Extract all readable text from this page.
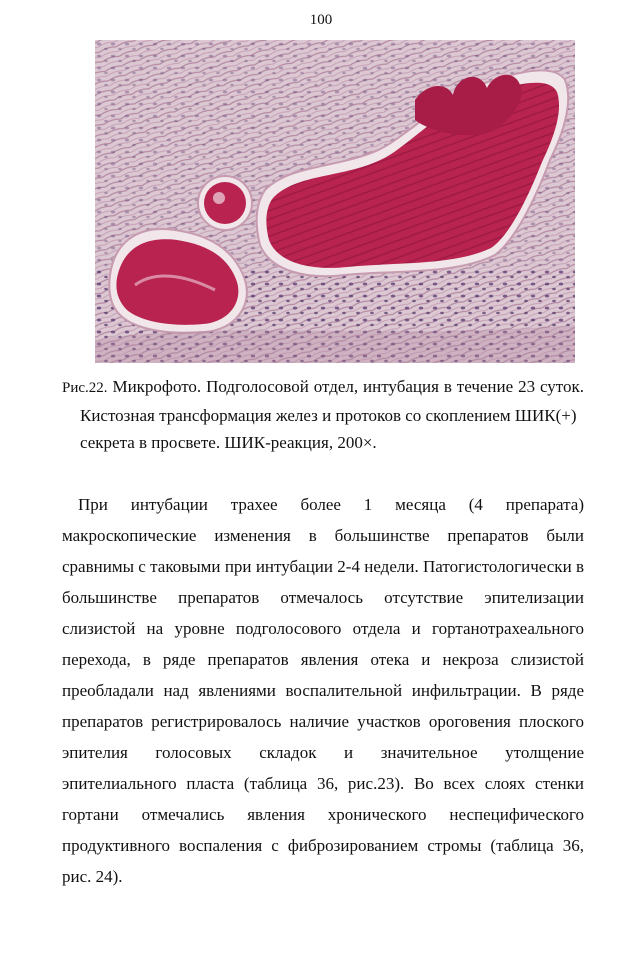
100
Рис.22. Микрофото. Подголосовой отдел, интубация в течение 23 суток.
Кистозная трансформация желез и протоков со скоплением ШИК(+)
секрета в просвете. ШИК-реакция, 200×.

При интубации трахее более 1 месяца (4 препарата) макроскопические изменения в большинстве препаратов были сравнимы с таковыми при интубации 2-4 недели. Патогистологически в большинстве препаратов отмечалось отсутствие эпителизации слизистой на уровне подголосового отдела и гортанотрахеального перехода, в ряде препаратов явления отека и некроза слизистой преобладали над явлениями воспалительной инфильтрации. В ряде препаратов регистрировалось наличие участков ороговения плоского эпителия голосовых складок и значительное утолщение эпителиального пласта (таблица 36, рис.23). Во всех слоях стенки гортани отмечались явления хронического неспецифического продуктивного воспаления с фиброзированием стромы (таблица 36, рис. 24).
